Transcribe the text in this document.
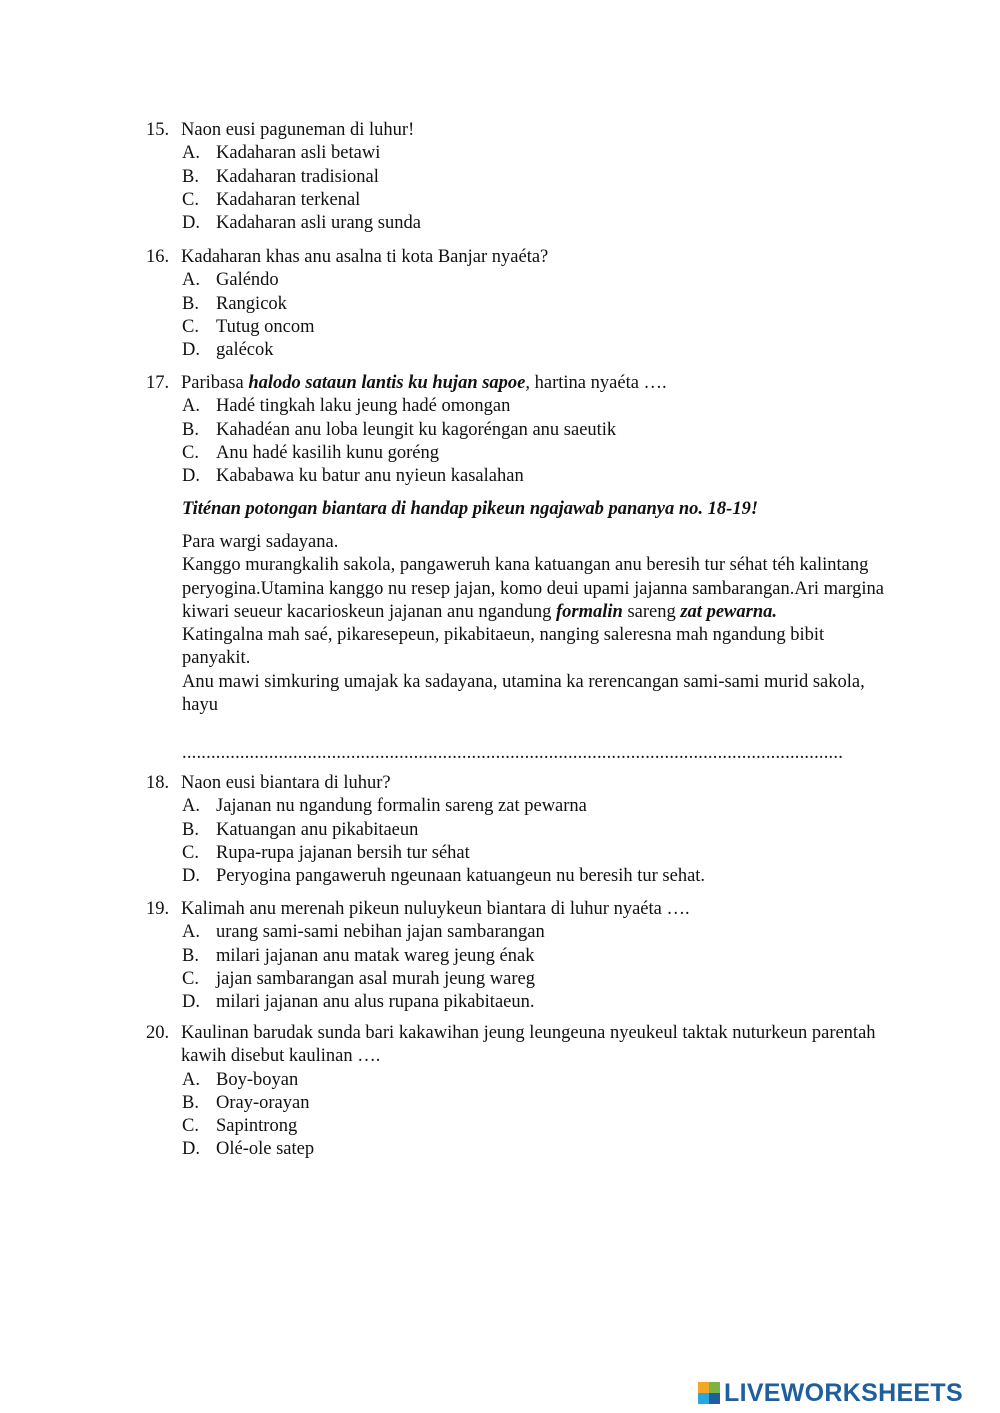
15. Naon eusi paguneman di luhur!
A. Kadaharan asli betawi
B. Kadaharan tradisional
C. Kadaharan terkenal
D. Kadaharan asli urang sunda
16. Kadaharan khas anu asalna ti kota Banjar nyaéta?
A. Galéndo
B. Rangicok
C. Tutug oncom
D. galécok
17. Paribasa halodo sataun lantis ku hujan sapoe, hartina nyaéta ….
A. Hadé tingkah laku jeung hadé omongan
B. Kahadéan anu loba leungit ku kagoréngan anu saeutik
C. Anu hadé kasilih kunu goréng
D. Kababawa ku batur anu nyieun kasalahan
Titénan potongan biantara di handap pikeun ngajawab pananya no. 18-19!

Para wargi sadayana.

Kanggo murangkalih sakola, pangaweruh kana katuangan anu beresih tur séhat téh kalintang peryogina.Utamina kanggo nu resep jajan, komo deui upami jajanna sambarangan.Ari margina kiwari seueur kacarioskeun jajanan anu ngandung formalin sareng zat pewarna.

Katingalna mah saé, pikaresepeun, pikabitaeun, nanging saleresna mah ngandung bibit panyakit.

Anu mawi simkuring umajak ka sadayana, utamina ka rerencangan sami-sami murid sakola, hayu

.........................................................................................................................................
18. Naon eusi biantara di luhur?
A. Jajanan nu ngandung formalin sareng zat pewarna
B. Katuangan anu pikabitaeun
C. Rupa-rupa jajanan bersih tur séhat
D. Peryogina pangaweruh ngeunaan katuangeun nu beresih tur sehat.
19. Kalimah anu merenah pikeun nuluykeun biantara di luhur nyaéta ….
A. urang sami-sami nebihan jajan sambarangan
B. milari jajanan anu matak wareg jeung énak
C. jajan sambarangan asal murah jeung wareg
D. milari jajanan anu alus rupana pikabitaeun.
20. Kaulinan barudak sunda bari kakawihan jeung leungeuna nyeukeul taktak nuturkeun parentah kawih disebut kaulinan ….
A. Boy-boyan
B. Oray-orayan
C. Sapintrong
D. Olé-ole satep
LIVEWORKSHEETS
